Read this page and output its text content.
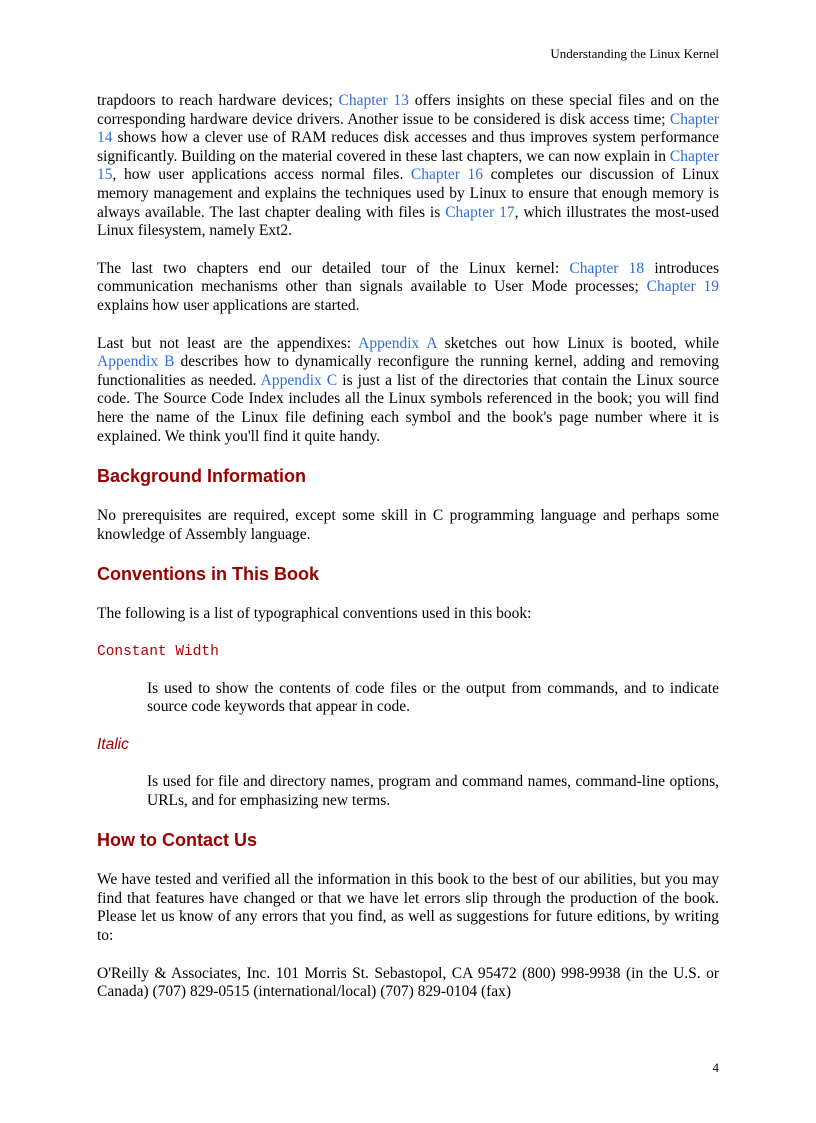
Understanding the Linux Kernel

trapdoors to reach hardware devices; Chapter 13 offers insights on these special files and on the corresponding hardware device drivers. Another issue to be considered is disk access time; Chapter 14 shows how a clever use of RAM reduces disk accesses and thus improves system performance significantly. Building on the material covered in these last chapters, we can now explain in Chapter 15, how user applications access normal files. Chapter 16 completes our discussion of Linux memory management and explains the techniques used by Linux to ensure that enough memory is always available. The last chapter dealing with files is Chapter 17, which illustrates the most-used Linux filesystem, namely Ext2.

The last two chapters end our detailed tour of the Linux kernel: Chapter 18 introduces communication mechanisms other than signals available to User Mode processes; Chapter 19 explains how user applications are started.

Last but not least are the appendixes: Appendix A sketches out how Linux is booted, while Appendix B describes how to dynamically reconfigure the running kernel, adding and removing functionalities as needed. Appendix C is just a list of the directories that contain the Linux source code. The Source Code Index includes all the Linux symbols referenced in the book; you will find here the name of the Linux file defining each symbol and the book's page number where it is explained. We think you'll find it quite handy.

Background Information

No prerequisites are required, except some skill in C programming language and perhaps some knowledge of Assembly language.

Conventions in This Book

The following is a list of typographical conventions used in this book:

Constant Width

Is used to show the contents of code files or the output from commands, and to indicate source code keywords that appear in code.

Italic

Is used for file and directory names, program and command names, command-line options, URLs, and for emphasizing new terms.

How to Contact Us

We have tested and verified all the information in this book to the best of our abilities, but you may find that features have changed or that we have let errors slip through the production of the book. Please let us know of any errors that you find, as well as suggestions for future editions, by writing to:

O'Reilly & Associates, Inc. 101 Morris St. Sebastopol, CA 95472 (800) 998-9938 (in the U.S. or Canada) (707) 829-0515 (international/local) (707) 829-0104 (fax)

4
